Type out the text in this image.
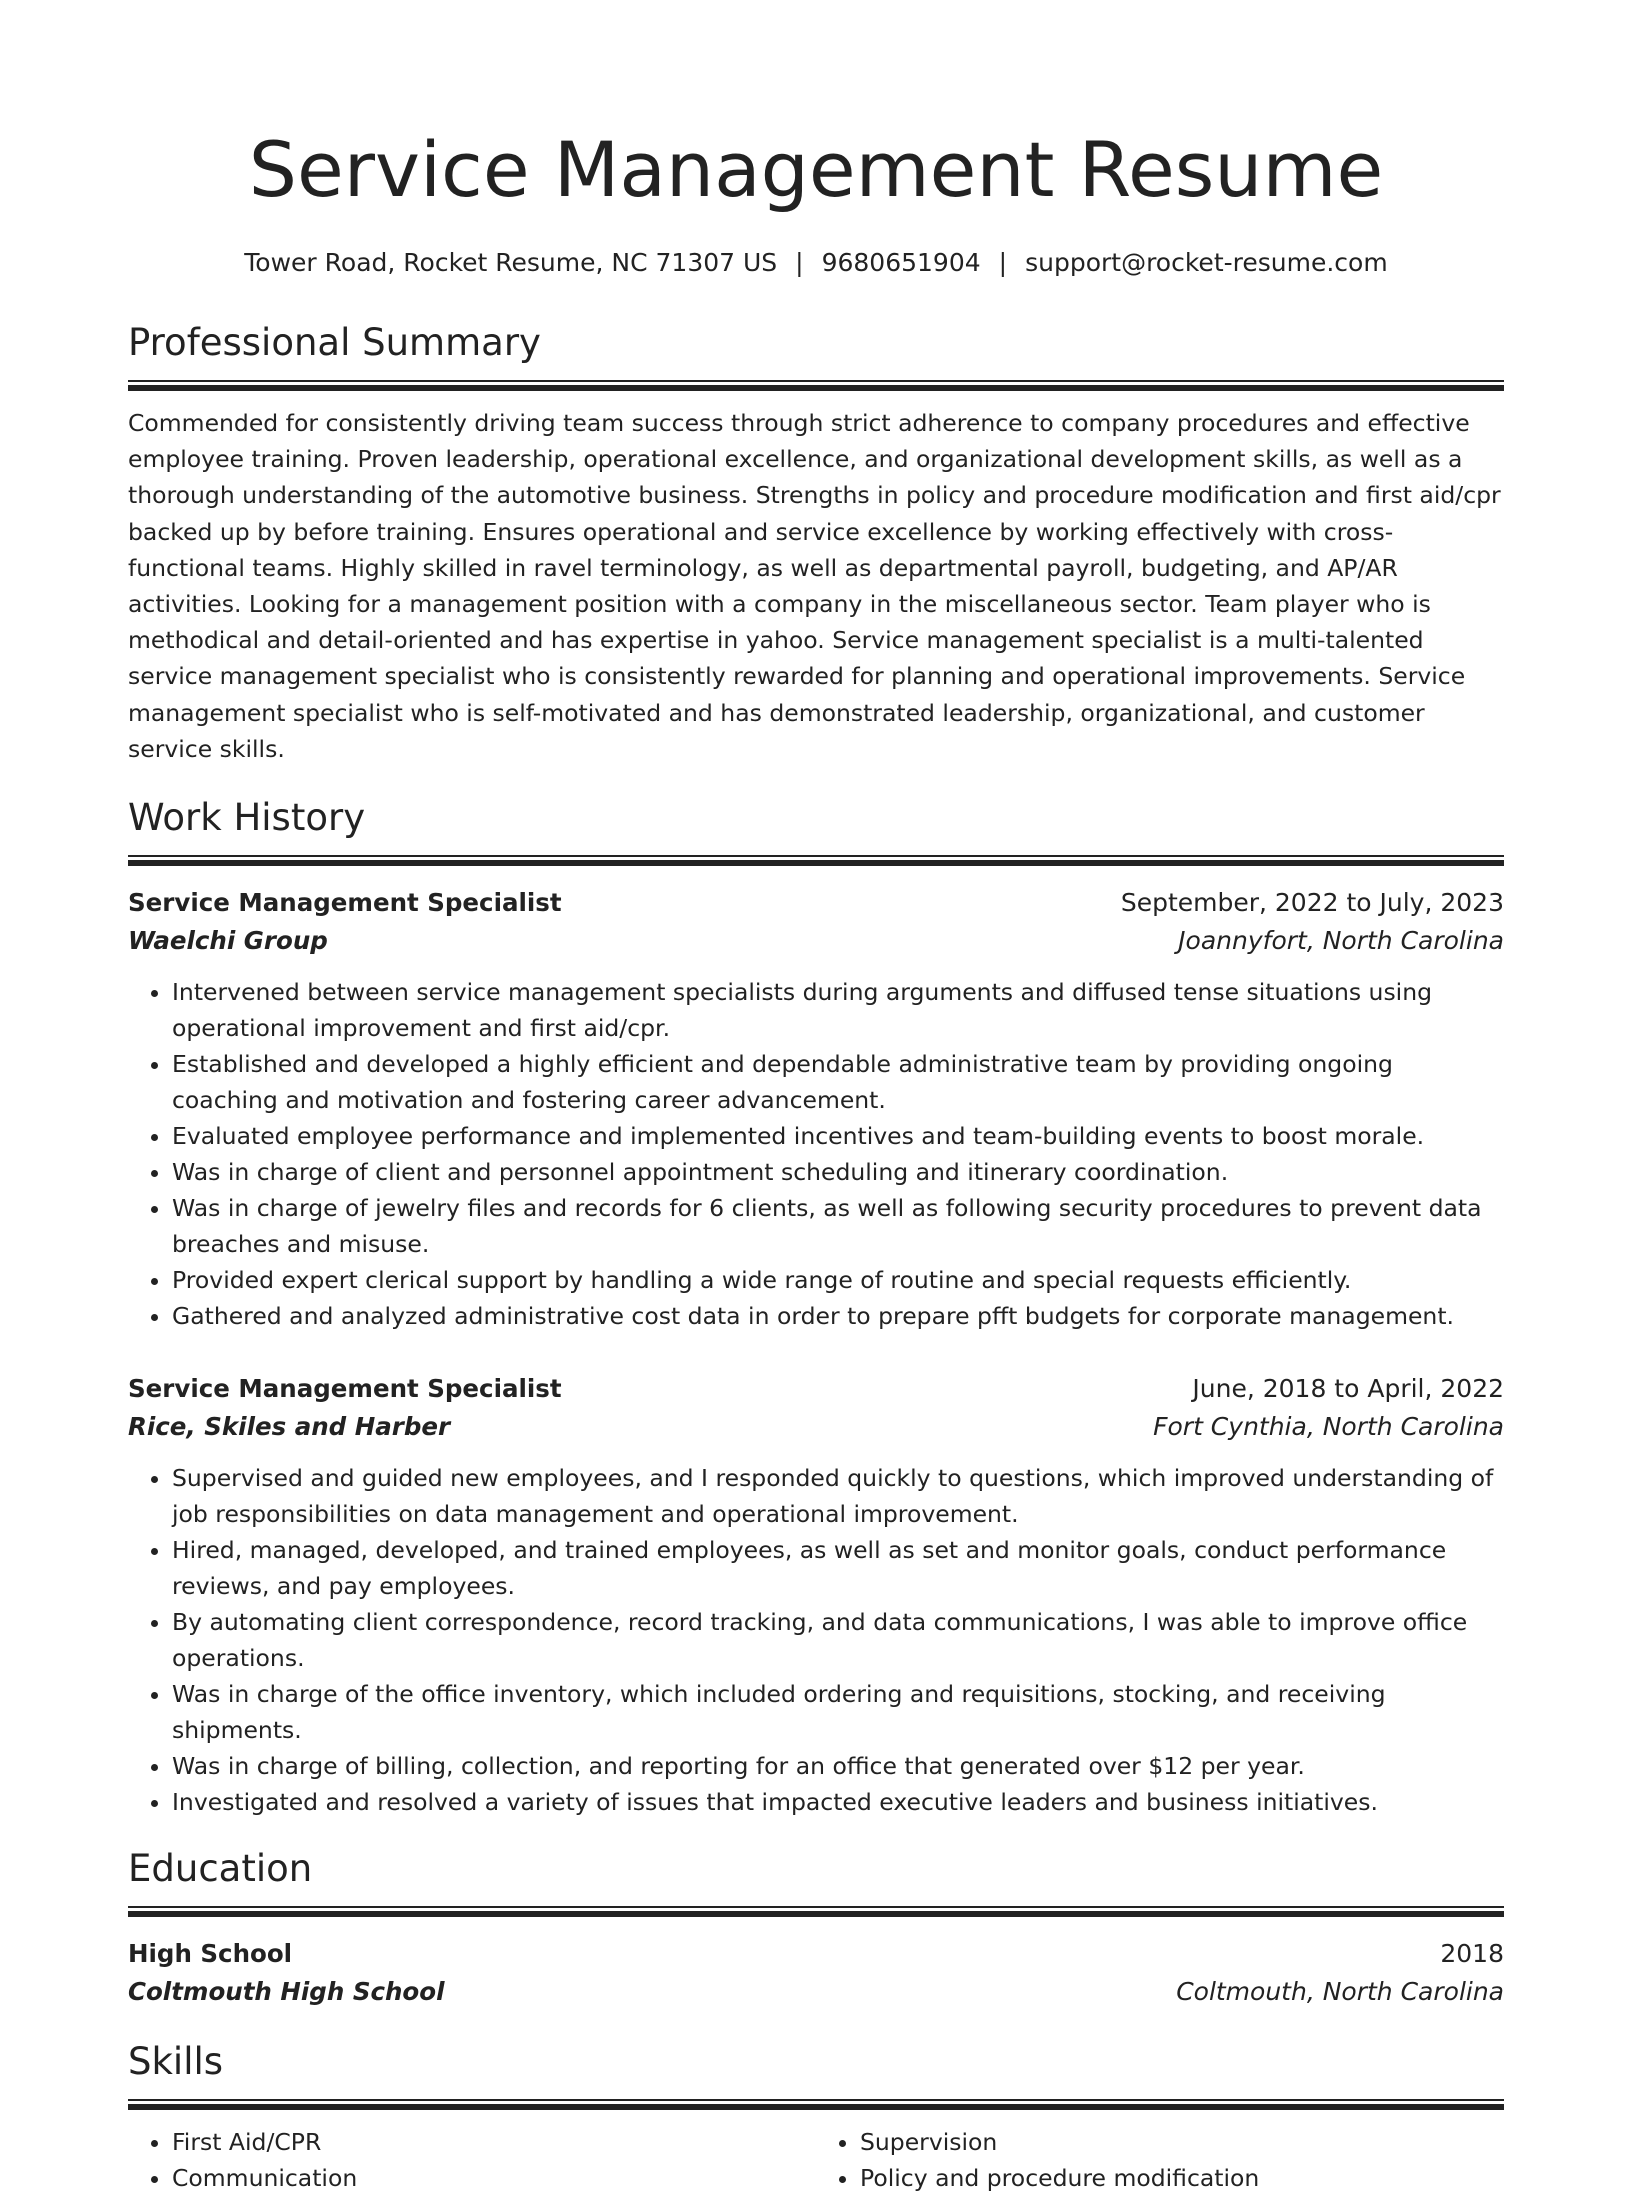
Service Management Resume
Tower Road, Rocket Resume, NC 71307 US | 9680651904 | support@rocket-resume.com
Professional Summary
Commended for consistently driving team success through strict adherence to company procedures and effective employee training. Proven leadership, operational excellence, and organizational development skills, as well as a thorough understanding of the automotive business. Strengths in policy and procedure modification and first aid/cpr backed up by before training. Ensures operational and service excellence by working effectively with cross-functional teams. Highly skilled in ravel terminology, as well as departmental payroll, budgeting, and AP/AR activities. Looking for a management position with a company in the miscellaneous sector. Team player who is methodical and detail-oriented and has expertise in yahoo. Service management specialist is a multi-talented service management specialist who is consistently rewarded for planning and operational improvements. Service management specialist who is self-motivated and has demonstrated leadership, organizational, and customer service skills.
Work History
Service Management Specialist	September, 2022 to July, 2023
Waelchi Group	Joannyfort, North Carolina
• Intervened between service management specialists during arguments and diffused tense situations using operational improvement and first aid/cpr.
• Established and developed a highly efficient and dependable administrative team by providing ongoing coaching and motivation and fostering career advancement.
• Evaluated employee performance and implemented incentives and team-building events to boost morale.
• Was in charge of client and personnel appointment scheduling and itinerary coordination.
• Was in charge of jewelry files and records for 6 clients, as well as following security procedures to prevent data breaches and misuse.
• Provided expert clerical support by handling a wide range of routine and special requests efficiently.
• Gathered and analyzed administrative cost data in order to prepare pfft budgets for corporate management.
Service Management Specialist	June, 2018 to April, 2022
Rice, Skiles and Harber	Fort Cynthia, North Carolina
• Supervised and guided new employees, and I responded quickly to questions, which improved understanding of job responsibilities on data management and operational improvement.
• Hired, managed, developed, and trained employees, as well as set and monitor goals, conduct performance reviews, and pay employees.
• By automating client correspondence, record tracking, and data communications, I was able to improve office operations.
• Was in charge of the office inventory, which included ordering and requisitions, stocking, and receiving shipments.
• Was in charge of billing, collection, and reporting for an office that generated over $12 per year.
• Investigated and resolved a variety of issues that impacted executive leaders and business initiatives.
Education
High School	2018
Coltmouth High School	Coltmouth, North Carolina
Skills
• First Aid/CPR
• Communication
• Supervision
• Policy and procedure modification
